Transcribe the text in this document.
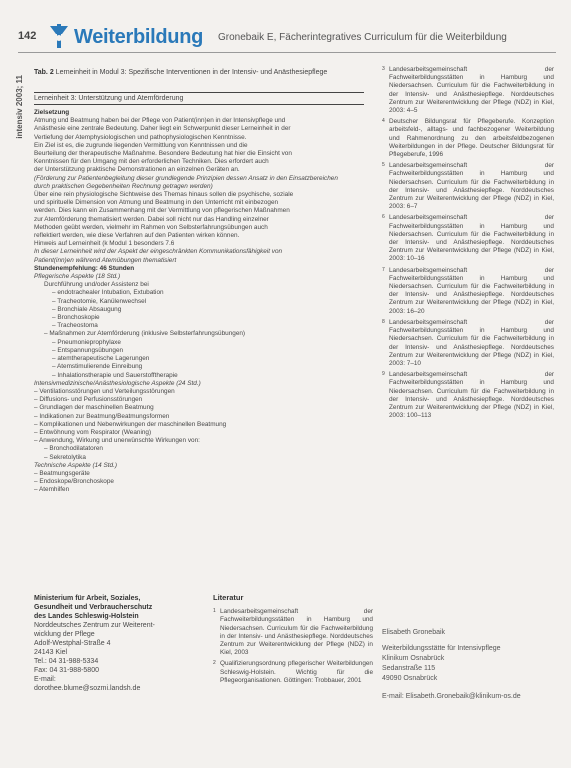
142 Weiterbildung Gronebaik E, Fächerintegratives Curriculum für die Weiterbildung
intensiv 2003; 11
Tab. 2 Lerneinheit in Modul 3: Spezifische Interventionen in der Intensiv- und Anästhesiepflege
Lerneinheit 3: Unterstützung und Atemförderung
Zielsetzung
Atmung und Beatmung haben bei der Pflege von Patient(inn)en in der Intensivpflege und
Anästhesie eine zentrale Bedeutung. Daher liegt ein Schwerpunkt dieser Lerneinheit in der
Vertiefung der Atemphysiologischen und pathophysiologischen Kenntnisse.
Ein Ziel ist es, die zugrunde liegenden Vermittlung von Kenntnissen und die
Beurteilung der therapeutische Maßnahme. Besondere Bedeutung hat hier die Einsicht von
Kenntnissen für den Umgang mit den erforderlichen Techniken. Dies erfordert auch
der Unterstützung praktische Demonstrationen an einzelnen Geräten an.
(Förderung zur Patientenbegleitung dieser grundlegende Prinzipien dessen Ansatz in den Einsatzbereichen
durch praktischen Gegebenheiten Rechnung getragen werden)
Über eine rein physiologische Sichtweise des Themas hinaus sollen die psychische, soziale
und spirituelle Dimension von Atmung und Beatmung in den Unterricht mit einbezogen
werden. Dies kann ein Zusammenhang mit der Vermittlung von pflegerischen Maßnahmen
zur Atemförderung thematisiert werden. Dabei soll nicht nur das Handling einzelner
Methoden geübt werden, vielmehr im Rahmen von Selbsterfahrungsübungen auch
reflektiert werden, wie diese Verfahren auf den Patienten wirken können.
Hinweis auf Lerneinheit (k Modul 1 besonders 7.6
In dieser Lerneinheit wird der Aspekt der eingeschränkten Kommunikationsfähigkeit von
Patient(inn)en während Atemübungen thematisiert
Stundenempfehlung: 46 Stunden
Pflegerische Aspekte (18 Std.)
Durchführung und/oder Assistenz bei
– endotrachealer Intubation, Extubation
– Tracheotomie, Kanülenwechsel
– Bronchiale Absaugung
– Bronchoskopie
– Tracheostoma
– Maßnahmen zur Atemförderung (inklusive Selbsterfahrungsübungen)
– Pneumonieprophylaxe
– Entspannungsübungen
– atemtherapeutische Lagerungen
– Atemstimulierende Einreibung
– Inhalationstherapie und Sauerstofftherapie
Intensivmedizinische/Anästhesiologische Aspekte (24 Std.)
– Ventilationsstörungen und Verteilungsstörungen
– Diffusions- und Perfusionsstörungen
– Grundlagen der maschinellen Beatmung
– Indikationen zur Beatmung/Beatmungsformen
– Komplikationen und Nebenwirkungen der maschinellen Beatmung
– Entwöhnung vom Respirator (Weaning)
– Anwendung, Wirkung und unerwünschte Wirkungen von:
– Bronchodilatatoren
– Sekretolytika
Technische Aspekte (14 Std.)
– Beatmungsgeräte
– Endoskope/Bronchoskope
– Atemhilfen
3 Landesarbeitsgemeinschaft der Fachweiterbildungsstätten in Hamburg und Niedersachsen. Curriculum für die Fachweiterbildung in der Intensiv- und Anästhesiepflege. Norddeutsches Zentrum zur Weiterentwicklung der Pflege (NDZ) in Kiel, 2003: 4–5
4 Deutscher Bildungsrat für Pflegeberufe. Konzeption arbeitsfeld-, alltags- und fachbezogener Weiterbildung und Rahmenordnung zu den arbeitsfeldbezogenen Weiterbildungen in der Pflege. Deutscher Bildungsrat für Pflegeberufe, 1996
5 Landesarbeitsgemeinschaft der Fachweiterbildungsstätten in Hamburg und Niedersachsen. Curriculum für die Fachweiterbildung in der Intensiv- und Anästhesiepflege. Norddeutsches Zentrum zur Weiterentwicklung der Pflege (NDZ) in Kiel, 2003: 6–7
6 Landesarbeitsgemeinschaft der Fachweiterbildungsstätten in Hamburg und Niedersachsen. Curriculum für die Fachweiterbildung in der Intensiv- und Anästhesiepflege. Norddeutsches Zentrum zur Weiterentwicklung der Pflege (NDZ) in Kiel, 2003: 10–16
7 Landesarbeitsgemeinschaft der Fachweiterbildungsstätten in Hamburg und Niedersachsen. Curriculum für die Fachweiterbildung in der Intensiv- und Anästhesiepflege. Norddeutsches Zentrum zur Weiterentwicklung der Pflege (NDZ) in Kiel, 2003: 16–20
8 Landesarbeitsgemeinschaft der Fachweiterbildungsstätten in Hamburg und Niedersachsen. Curriculum für die Fachweiterbildung in der Intensiv- und Anästhesiepflege. Norddeutsches Zentrum zur Weiterentwicklung der Pflege (NDZ) in Kiel, 2003: 7–10
9 Landesarbeitsgemeinschaft der Fachweiterbildungsstätten in Hamburg und Niedersachsen. Curriculum für die Fachweiterbildung in der Intensiv- und Anästhesiepflege. Norddeutsches Zentrum zur Weiterentwicklung der Pflege (NDZ) in Kiel, 2003: 100–113
Elisabeth Gronebaik
Weiterbildungsstätte für Intensivpflege
Klinikum Osnabrück
Sedanstraße 115
49090 Osnabrück
E-mail: Elisabeth.Gronebaik@klinikum-os.de
Ministerium für Arbeit, Soziales,
Gesundheit und Verbraucherschutz
des Landes Schleswig-Holstein
Norddeutsches Zentrum zur Weiterent-
wicklung der Pflege
Adolf-Westphal-Straße 4
24143 Kiel
Tel.: 04 31-988-5334
Fax: 04 31-988-5800
E-mail:
dorothee.blume@sozmi.landsh.de
Literatur
1 Landesarbeitsgemeinschaft der Fachweiterbildungsstätten in Hamburg und Niedersachsen. Curriculum für die Fachweiterbildung in der Intensiv- und Anästhesiepflege. Norddeutsches Zentrum zur Weiterentwicklung der Pflege (NDZ) in Kiel, 2003
2 Qualifizierungsordnung pflegerischer Weiterbildungen Schleswig-Holstein. Wichtig für die Pflegeorganisationen. Göttingen: Trobbauer, 2001
